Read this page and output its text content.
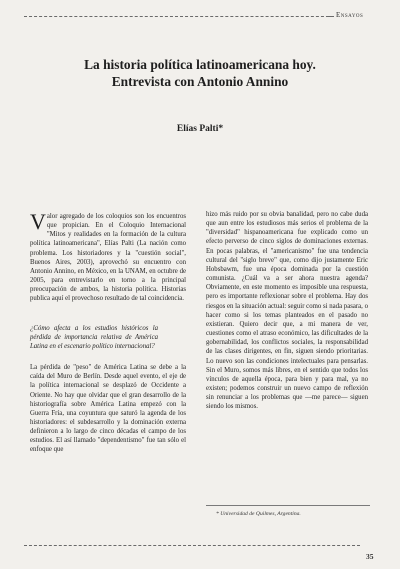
Ensayos
La historia política latinoamericana hoy.
Entrevista con Antonio Annino
Elías Palti*

Valor agregado de los coloquios son los encuentros que propician. En el Coloquio Internacional "Mitos y realidades en la formación de la cultura política latinoamericana", Elías Palti (La nación como problema. Los historiadores y la "cuestión social", Buenos Aires, 2003), aprovechó su encuentro con Antonio Annino, en México, en la UNAM, en octubre de 2005, para entrevistarlo en torno a la principal preocupación de ambos, la historia política. Historias publica aquí el provechoso resultado de tal coincidencia.

¿Cómo afecta a los estudios históricos la pérdida de importancia relativa de América Latina en el escenario político internacional?

La pérdida de "peso" de América Latina se debe a la caída del Muro de Berlín. Desde aquel evento, el eje de la política internacional se desplazó de Occidente a Oriente. No hay que olvidar que el gran desarrollo de la historiografía sobre América Latina empezó con la Guerra Fría, una coyuntura que saturó la agenda de los historiadores: el subdesarrollo y la dominación externa definieron a lo largo de cinco décadas el campo de los estudios. El así llamado "dependentismo" fue tan sólo el enfoque que

hizo más ruido por su obvia banalidad, pero no cabe duda que aun entre los estudiosos más serios el problema de la "diversidad" hispanoamericana fue explicado como un efecto perverso de cinco siglos de dominaciones externas. En pocas palabras, el "americanismo" fue una tendencia cultural del "siglo breve" que, como dijo justamente Eric Hobsbawm, fue una época dominada por la cuestión comunista. ¿Cuál va a ser ahora nuestra agenda? Obviamente, en este momento es imposible una respuesta, pero es importante reflexionar sobre el problema. Hay dos riesgos en la situación actual: seguir como si nada pasara, o hacer como si los temas planteados en el pasado no existieran. Quiero decir que, a mi manera de ver, cuestiones como el atraso económico, las dificultades de la gobernabilidad, los conflictos sociales, la responsabilidad de las clases dirigentes, en fin, siguen siendo prioritarias. Lo nuevo son las condiciones intelectuales para pensarlas. Sin el Muro, somos más libres, en el sentido que todos los vínculos de aquella época, para bien y para mal, ya no existen; podemos construir un nuevo campo de reflexión sin renunciar a los problemas que —me parece— siguen siendo los mismos.

* Universidad de Quilmes, Argentina.
35
